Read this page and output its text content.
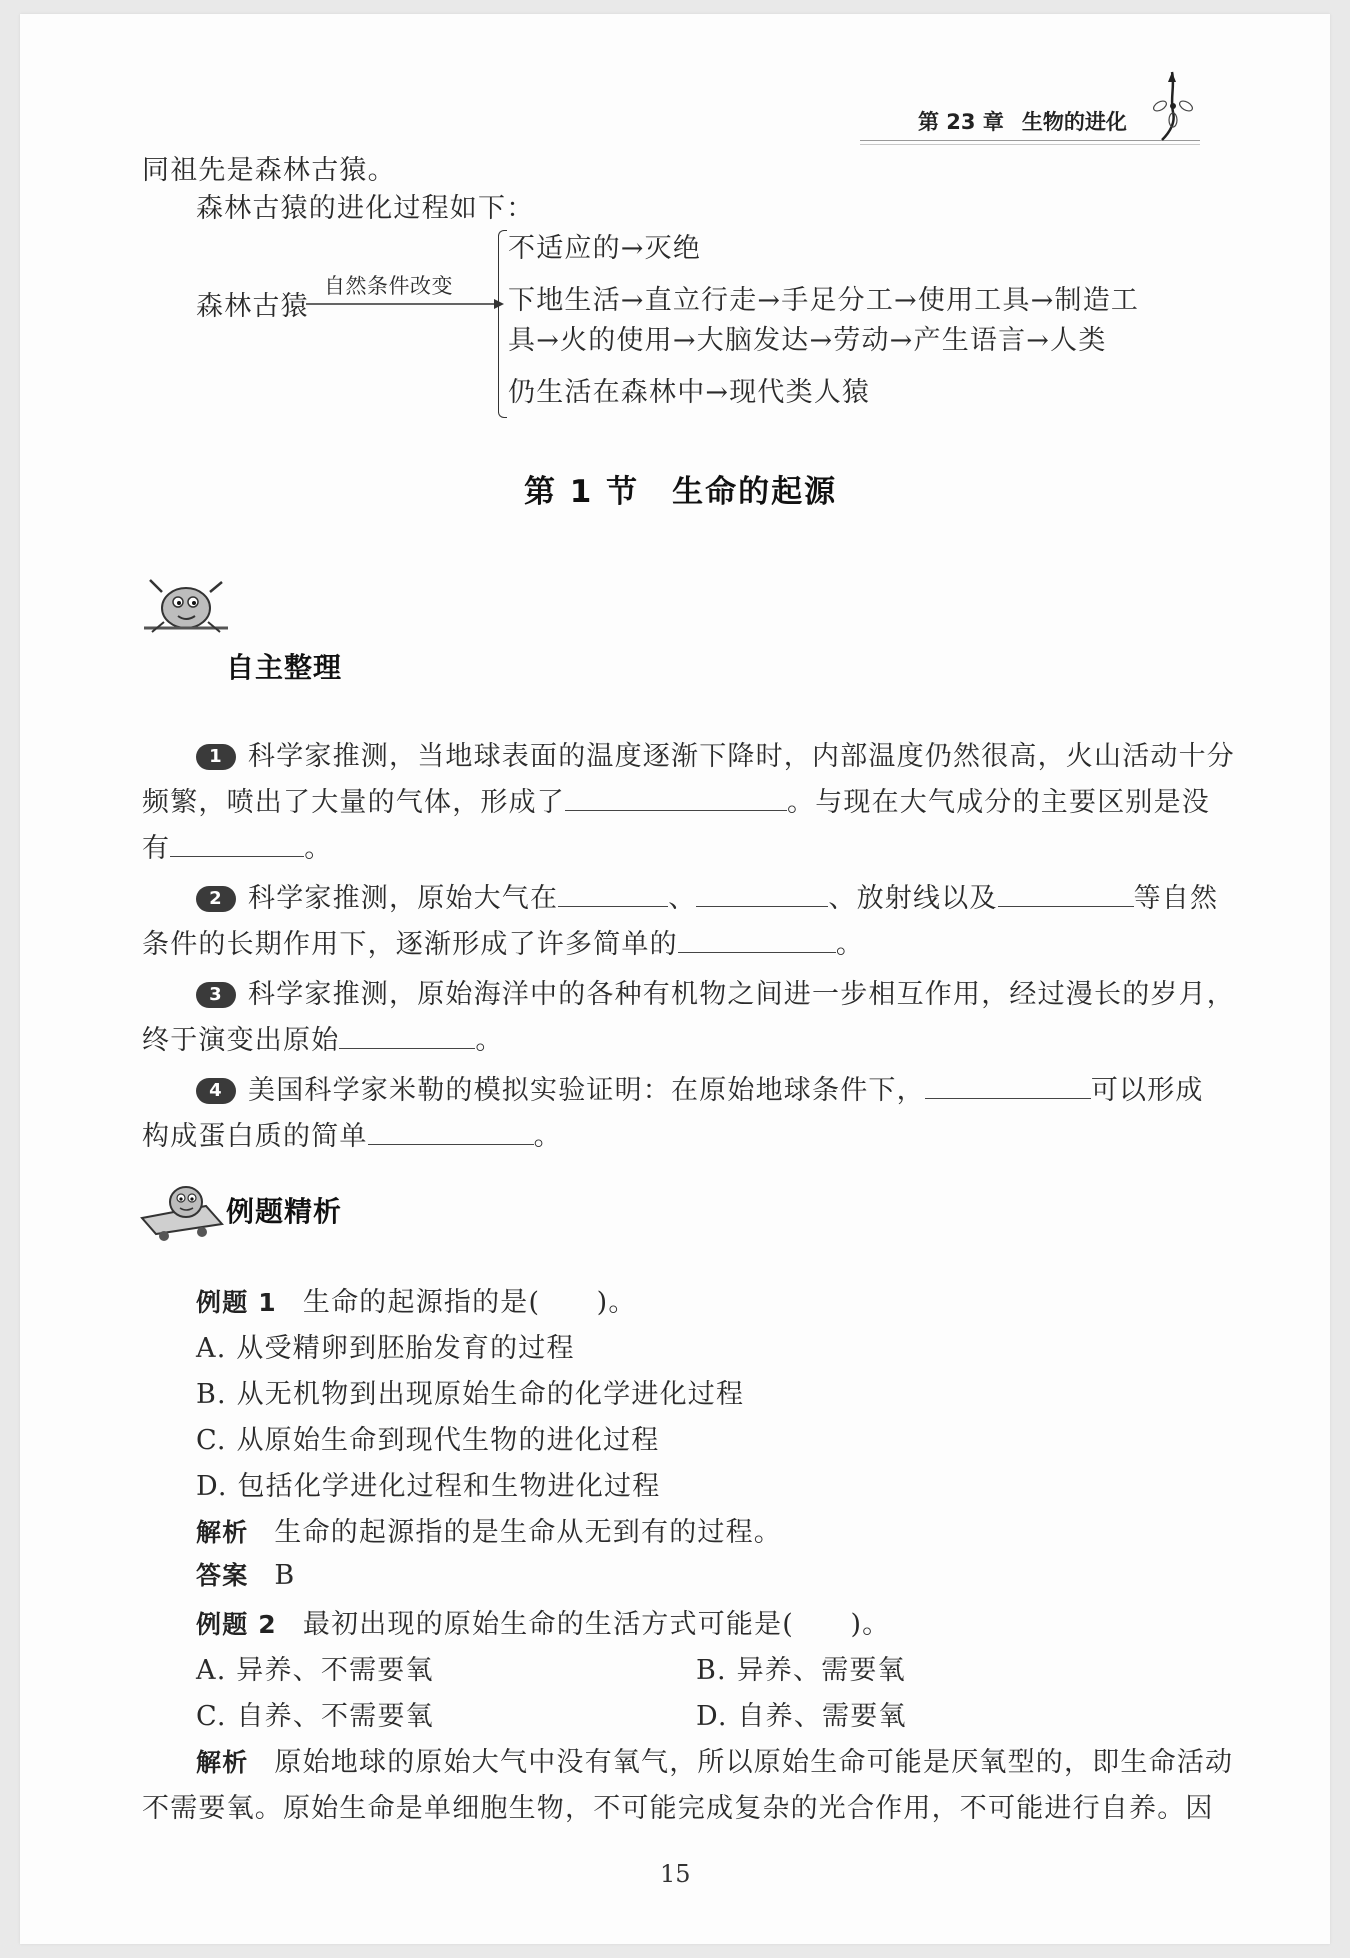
第 23 章 生物的进化
同祖先是森林古猿。
森林古猿的进化过程如下：
森林古猿
自然条件改变
不适应的→灭绝
下地生活→直立行走→手足分工→使用工具→制造工
具→火的使用→大脑发达→劳动→产生语言→人类
仍生活在森林中→现代类人猿
第 1 节　生命的起源
自主整理
1 科学家推测，当地球表面的温度逐渐下降时，内部温度仍然很高，火山活动十分
频繁，喷出了大量的气体，形成了	。与现在大气成分的主要区别是没
有	。
2 科学家推测，原始大气在	、	、放射线以及	等自然
条件的长期作用下，逐渐形成了许多简单的	。
3 科学家推测，原始海洋中的各种有机物之间进一步相互作用，经过漫长的岁月，
终于演变出原始	。
4 美国科学家米勒的模拟实验证明：在原始地球条件下，	可以形成
构成蛋白质的简单	。
例题精析
例题 1 生命的起源指的是(　　)。
A. 从受精卵到胚胎发育的过程
B. 从无机物到出现原始生命的化学进化过程
C. 从原始生命到现代生物的进化过程
D. 包括化学进化过程和生物进化过程
解析 生命的起源指的是生命从无到有的过程。
答案 B
例题 2 最初出现的原始生命的生活方式可能是(　　)。
A. 异养、不需要氧	B. 异养、需要氧
C. 自养、不需要氧	D. 自养、需要氧
解析 原始地球的原始大气中没有氧气，所以原始生命可能是厌氧型的，即生命活动
不需要氧。原始生命是单细胞生物，不可能完成复杂的光合作用，不可能进行自养。因
15
